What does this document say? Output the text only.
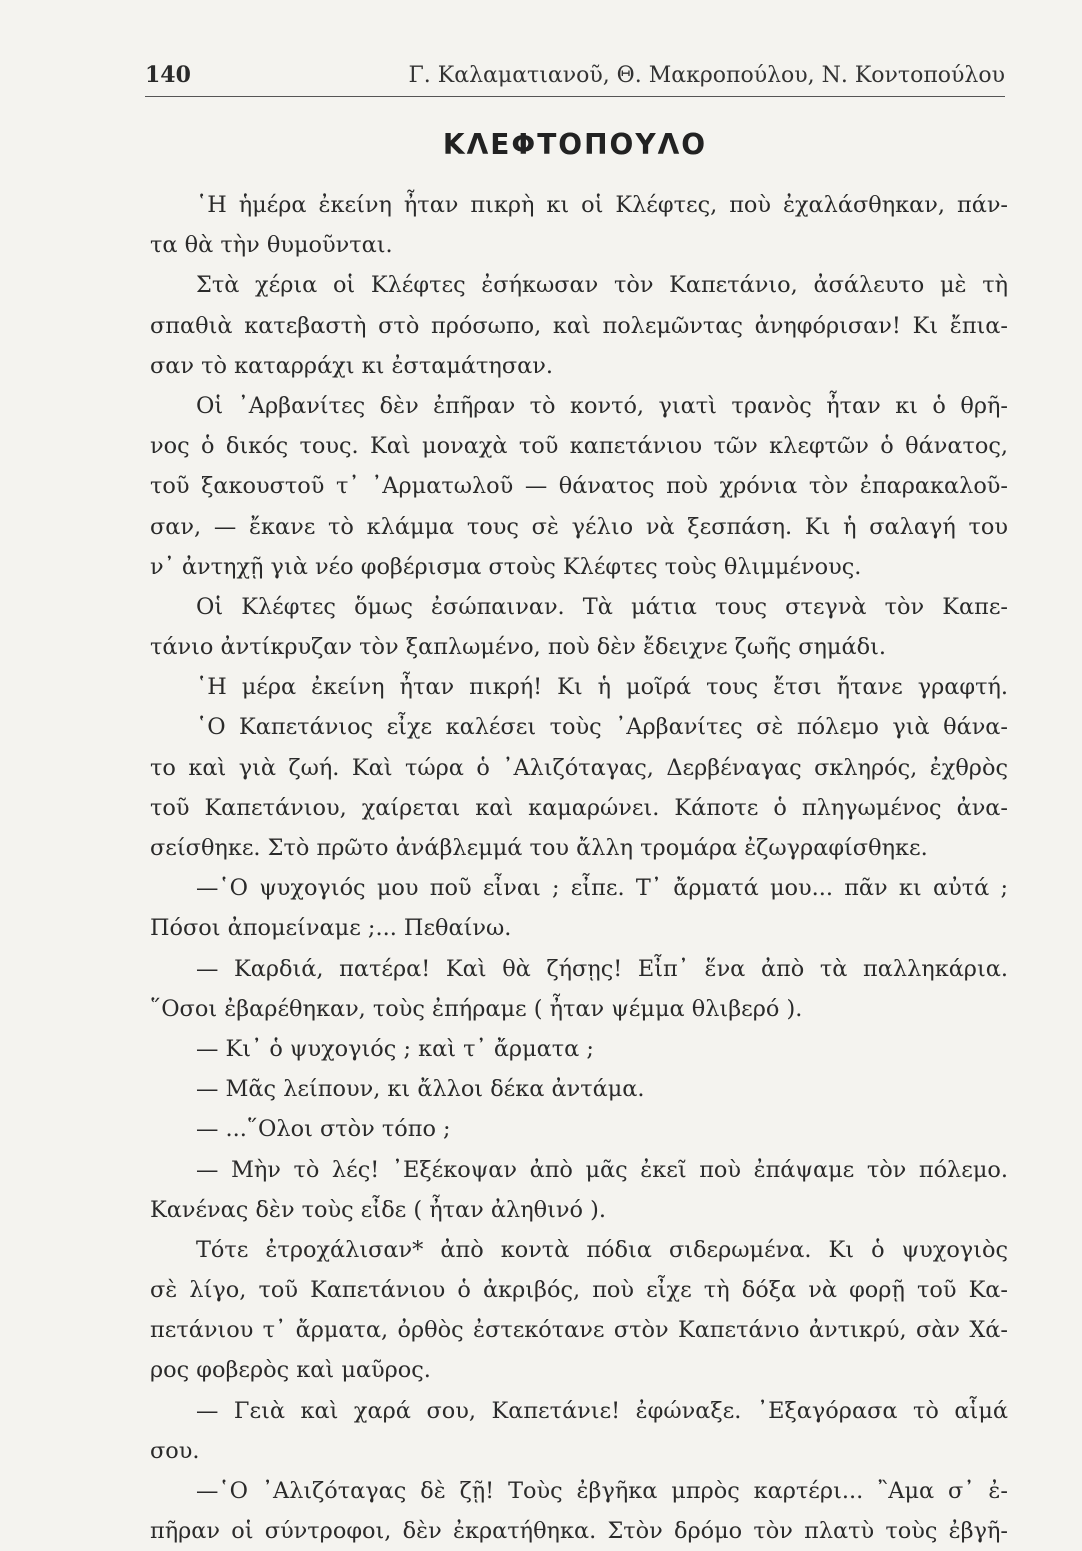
140	Γ. Καλαματιανοῦ, Θ. Μακροπούλου, Ν. Κοντοπούλου
ΚΛΕΦΤΟΠΟΥΛΟ
῾Η ἡμέρα ἐκείνη ἦταν πικρὴ κι οἱ Κλέφτες, ποὺ ἐχαλάσθηκαν, πάν-
τα θὰ τὴν θυμοῦνται.
Στὰ χέρια οἱ Κλέφτες ἐσήκωσαν τὸν Καπετάνιο, ἀσάλευτο μὲ τὴ
σπαθιὰ κατεβαστὴ στὸ πρόσωπο, καὶ πολεμῶντας ἀνηφόρισαν! Κι ἔπια-
σαν τὸ καταρράχι κι ἐσταμάτησαν.
Οἱ ᾿Αρβανίτες δὲν ἐπῆραν τὸ κοντό, γιατὶ τρανὸς ἦταν κι ὁ θρῆ-
νος ὁ δικός τους. Καὶ μοναχὰ τοῦ καπετάνιου τῶν κλεφτῶν ὁ θάνατος,
τοῦ ξακουστοῦ τ᾿ ᾿Αρματωλοῦ — θάνατος ποὺ χρόνια τὸν ἐπαρακαλοῦ-
σαν, — ἔκανε τὸ κλάμμα τους σὲ γέλιο νὰ ξεσπάση. Κι ἡ σαλαγή του
ν᾿ ἀντηχῇ γιὰ νέο φοβέρισμα στοὺς Κλέφτες τοὺς θλιμμένους.
Οἱ Κλέφτες ὅμως ἐσώπαιναν. Τὰ μάτια τους στεγνὰ τὸν Καπε-
τάνιο ἀντίκρυζαν τὸν ξαπλωμένο, ποὺ δὲν ἔδειχνε ζωῆς σημάδι.
῾Η μέρα ἐκείνη ἦταν πικρή! Κι ἡ μοῖρά τους ἔτσι ἤτανε γραφτή.
῾Ο Καπετάνιος εἶχε καλέσει τοὺς ᾿Αρβανίτες σὲ πόλεμο γιὰ θάνα-
το καὶ γιὰ ζωή. Καὶ τώρα ὁ ᾿Αλιζόταγας, Δερβέναγας σκληρός, ἐχθρὸς
τοῦ Καπετάνιου, χαίρεται καὶ καμαρώνει. Κάποτε ὁ πληγωμένος ἀνα-
σείσθηκε. Στὸ πρῶτο ἀνάβλεμμά του ἄλλη τρομάρα ἐζωγραφίσθηκε.
—῾Ο ψυχογιός μου ποῦ εἶναι ; εἶπε. Τ᾿ ἄρματά μου... πᾶν κι αὐτά ;
Πόσοι ἀπομείναμε ;... Πεθαίνω.
— Καρδιά, πατέρα! Καὶ θὰ ζήσῃς! Εἶπ᾿ ἕνα ἀπὸ τὰ παλληκάρια.
῞Οσοι ἐβαρέθηκαν, τοὺς ἐπήραμε ( ἦταν ψέμμα θλιβερό ).
— Κι᾿ ὁ ψυχογιός ; καὶ τ᾿ ἄρματα ;
— Μᾶς λείπουν, κι ἄλλοι δέκα ἀντάμα.
— ...῞Ολοι στὸν τόπο ;
— Μὴν τὸ λές! ᾿Εξέκοψαν ἀπὸ μᾶς ἐκεῖ ποὺ ἐπάψαμε τὸν πόλεμο.
Κανένας δὲν τοὺς εἶδε ( ἦταν ἀληθινό ).
Τότε ἐτροχάλισαν* ἀπὸ κοντὰ πόδια σιδερωμένα. Κι ὁ ψυχογιὸς
σὲ λίγο, τοῦ Καπετάνιου ὁ ἀκριβός, ποὺ εἶχε τὴ δόξα νὰ φορῇ τοῦ Κα-
πετάνιου τ᾿ ἄρματα, ὀρθὸς ἐστεκότανε στὸν Καπετάνιο ἀντικρύ, σὰν Χά-
ρος φοβερὸς καὶ μαῦρος.
— Γειὰ καὶ χαρά σου, Καπετάνιε! ἐφώναξε. ᾿Εξαγόρασα τὸ αἷμά
σου.
—῾Ο ᾿Αλιζόταγας δὲ ζῇ! Τοὺς ἐβγῆκα μπρὸς καρτέρι... ῍Αμα σ᾿ ἐ-
πῆραν οἱ σύντροφοι, δὲν ἐκρατήθηκα. Στὸν δρόμο τὸν πλατὺ τοὺς ἐβγῆ-
